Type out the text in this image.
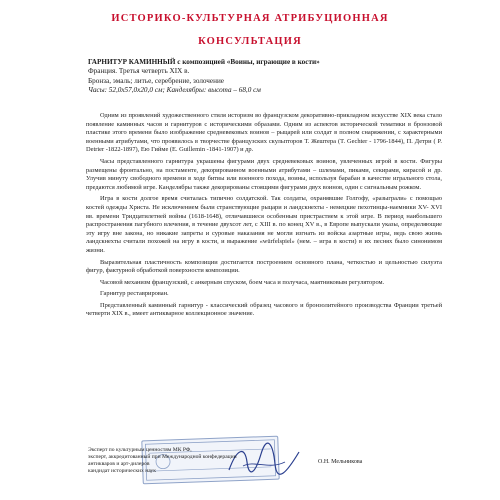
ИСТОРИКО-КУЛЬТУРНАЯ АТРИБУЦИОННАЯ
КОНСУЛЬТАЦИЯ
ГАРНИТУР КАМИННЫЙ с композицией «Воины, играющие в кости»
Франция. Третья четверть XIX в.
Бронза, эмаль; литье, серебрение, золочение
Часы: 52,0х57,0х20,0 см; Канделябры: высота – 68,0 см

Одним из проявлений художественного стиля историзм во французском декоративно-прикладном искусстве XIX века стало появление каминных часов и гарнитуров с историческими образами. Одним из аспектов исторической тематики в бронзовой пластике этого времени было изображение средневековых воинов – рыцарей или солдат в полном снаряжении, с характерными военными атрибутами, что проявилось в творчестве французских скульпторов Т. Жештера (T. Gechter - 1796-1844), П. Детри ( P. Detrier -1822-1897), Ею Гийме (E. Guillemin -1841-1907) и др.

Часы представленного гарнитура украшены фигурами двух средневековых воинов, увлеченных игрой в кости. Фигуры размещены фронтально, на постаменте, декорированном военными атрибутами – шлемами, пиками, секирами, кирасой и др. Улучив минуту свободного времени в ходе битвы или военного похода, воины, используя барабан в качестве игрального стола, предаются любимой игре. Канделябры также декорированы стоящими фигурами двух воинов, один с сигнальным рожком.

Игра в кости долгое время считалась типично солдатской. Так солдаты, охранявшие Голгофу, «разыграли» с помощью костей одежды Христа. Не исключением были странствующие рыцари и ландскнехты - немецкие пехотинцы-наемники XV- XVI вв. времени Тридцатилетней войны (1618-1648), отличавшиеся особенным пристрастием к этой игре. В период наибольшего распространения пагубного влечения, в течение двухсот лет, с XIII в. по конец XV в., в Европе выпускали указы, определяющие эту игру вне закона, но никакие запреты и суровые наказания не могли изгнать из войска азартные игры, ведь свою жизнь ландскнехты считали похожей на игру в кости, и выражение «würfelspiel» (нем. – игра в кости) в их песнях было синонимом жизни.

Выразительная пластичность композиции достигается построением основного плана, четкостью и цельностью силуэта фигур, фактурной обработкой поверхности композиции.

Часовой механизм французский, с анкерным спуском, боем часа и получаса, маятниковым регулятором.

Гарнитур реставрирован.

Представленный каминный гарнитур - классический образец часового и бронзолитейного производства Франции третьей четверти XIX в., имеет антикварное коллекционное значение.

Эксперт по культурным ценностям МК РФ,
эксперт, аккредитованный при Международной конфедерации
антикваров и арт-дилеров
кандидат исторических наук
О.Н. Мельникова
